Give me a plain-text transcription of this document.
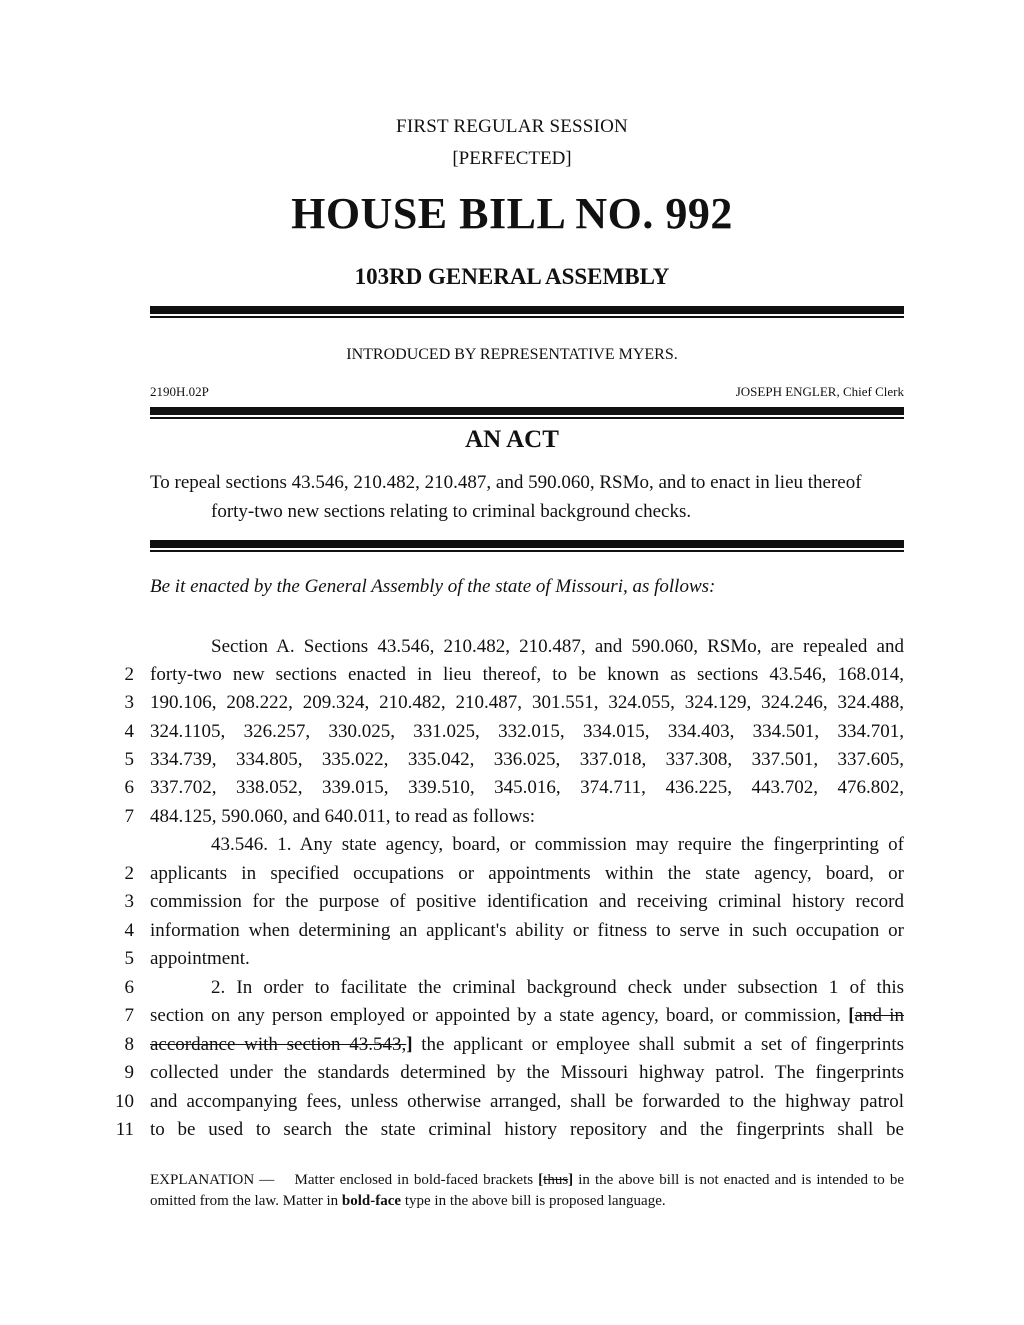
FIRST REGULAR SESSION
[PERFECTED]
HOUSE BILL NO. 992
103RD GENERAL ASSEMBLY
INTRODUCED BY REPRESENTATIVE MYERS.
2190H.02P	JOSEPH ENGLER, Chief Clerk
AN ACT
To repeal sections 43.546, 210.482, 210.487, and 590.060, RSMo, and to enact in lieu thereof
forty-two new sections relating to criminal background checks.
Be it enacted by the General Assembly of the state of Missouri, as follows:
Section A. Sections 43.546, 210.482, 210.487, and 590.060, RSMo, are repealed and
forty-two new sections enacted in lieu thereof, to be known as sections 43.546, 168.014,
2
190.106, 208.222, 209.324, 210.482, 210.487, 301.551, 324.055, 324.129, 324.246, 324.488,
3
324.1105, 326.257, 330.025, 331.025, 332.015, 334.015, 334.403, 334.501, 334.701,
4
334.739, 334.805, 335.022, 335.042, 336.025, 337.018, 337.308, 337.501, 337.605,
5
337.702, 338.052, 339.015, 339.510, 345.016, 374.711, 436.225, 443.702, 476.802,
6
484.125, 590.060, and 640.011, to read as follows:
7
43.546. 1. Any state agency, board, or commission may require the fingerprinting of
applicants in specified occupations or appointments within the state agency, board, or
commission for the purpose of positive identification and receiving criminal history record
information when determining an applicant's ability or fitness to serve in such occupation or
appointment.
2. In order to facilitate the criminal background check under subsection 1 of this
section on any person employed or appointed by a state agency, board, or commission, [and in
accordance with section 43.543,] the applicant or employee shall submit a set of fingerprints
collected under the standards determined by the Missouri highway patrol. The fingerprints
and accompanying fees, unless otherwise arranged, shall be forwarded to the highway patrol
to be used to search the state criminal history repository and the fingerprints shall be
2
3
4
5
6
7
8
9
10
11
EXPLANATION — Matter enclosed in bold-faced brackets [thus] in the above bill is not enacted and is intended to be omitted from the law. Matter in bold-face type in the above bill is proposed language.
